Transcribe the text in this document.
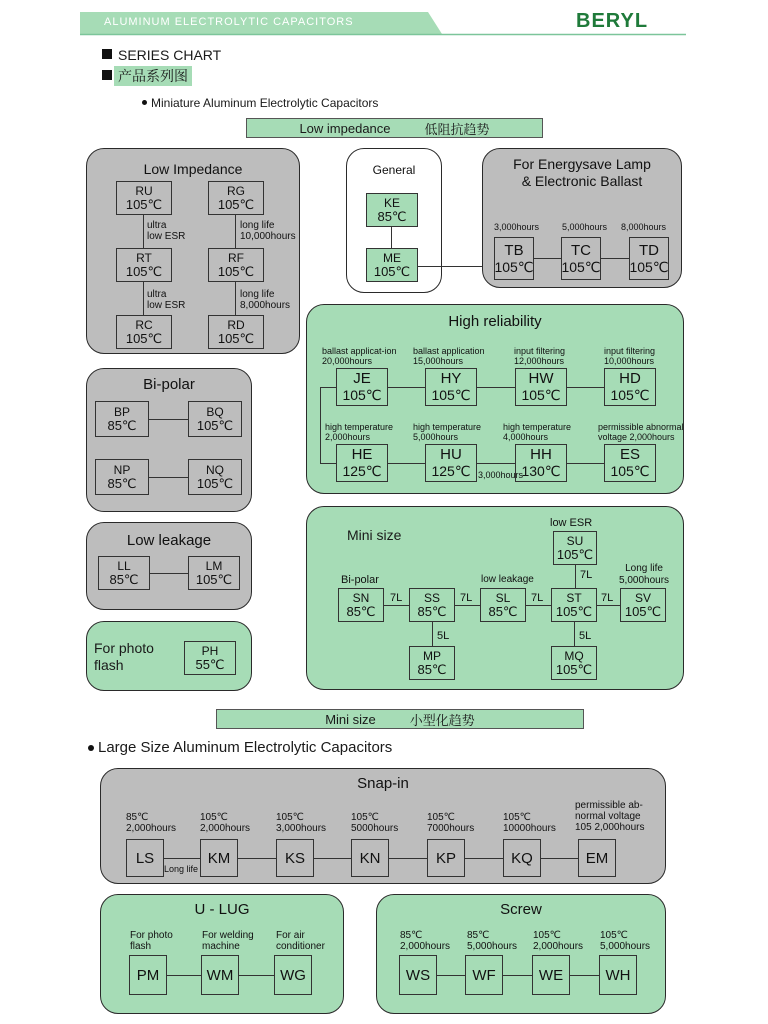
ALUMINUM ELECTROLYTIC CAPACITORS	BERYL
SERIES CHART
产品系列图
Miniature Aluminum Electrolytic Capacitors
Low impedance	低阻抗趋势
Low Impedance
RU
105℃
RG
105℃
RT
105℃
RF
105℃
RC
105℃
RD
105℃
ultra
low ESR
long life
10,000hours
ultra
low ESR
long life
8,000hours
General
KE
85℃
ME
105℃
For Energysave Lamp
& Electronic Ballast
3,000hours	5,000hours 8,000hours
TB
105℃
TC
105℃
TD
105℃
Bi-polar
BP
85℃
BQ
105℃
NP
85℃
NQ
105℃
High reliability
ballast applicat-ion
20,000hours
ballast application
15,000hours
input filtering
12,000hours
input filtering
10,000hours
JE
105℃
HY
105℃
HW
105℃
HD
105℃
high temperature
2,000hours
high temperature
5,000hours
high temperature
4,000hours
permissible abnormal
voltage 2,000hours
HE
125℃
HU
125℃
HH
130℃
ES
105℃
3,000hours
Low leakage
LL
85℃
LM
105℃
For photo
flash
PH
55℃
Mini size
low ESR
SU
105℃
7L
Bi-polar	low leakage
Long life
5,000hours
SN
85℃
SS
85℃
SL
85℃
ST
105℃
SV
105℃
7L	7L	7L	7L
5L	5L
MP
85℃
MQ
105℃
Mini size	小型化趋势
Large Size Aluminum Electrolytic Capacitors
Snap-in
85℃
2,000hours
105℃
2,000hours
105℃
3,000hours
105℃
5000hours
105℃
7000hours
105℃
10000hours
permissible ab-
normal voltage
105 2,000hours
LS	KM	KS	KN	KP	KQ	EM
Long life
U - LUG
For photo
flash
For welding
machine
For air
conditioner
PM	WM	WG
Screw
85℃
2,000hours
85℃
5,000hours
105℃
2,000hours
105℃
5,000hours
WS	WF	WE	WH
